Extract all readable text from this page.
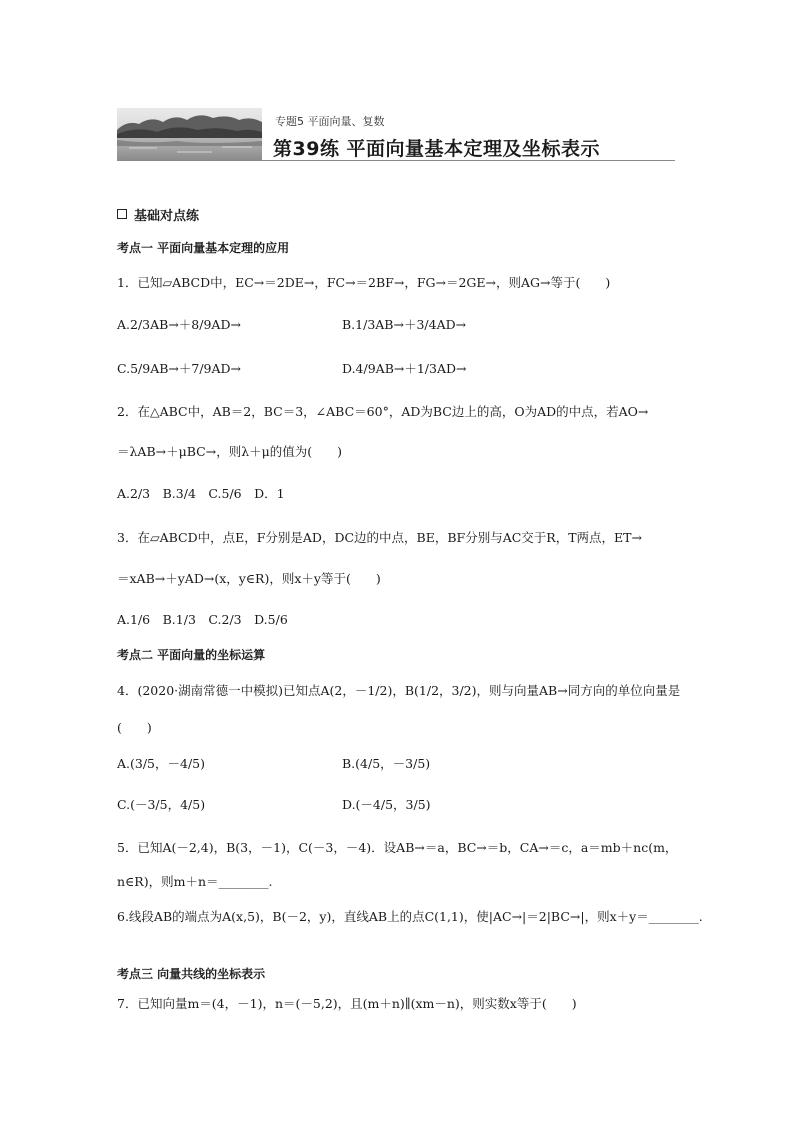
专题5 平面向量、复数
第39练 平面向量基本定理及坐标表示
基础对点练
考点一 平面向量基本定理的应用
1．已知▱ABCD中，EC→＝2DE→，FC→＝2BF→，FG→＝2GE→，则AG→等于(　　)
A.2/3AB→＋8/9AD→	B.1/3AB→＋3/4AD→
C.5/9AB→＋7/9AD→	D.4/9AB→＋1/3AD→
2．在△ABC中，AB＝2，BC＝3，∠ABC＝60°，AD为BC边上的高，O为AD的中点，若AO→
＝λAB→＋μBC→，则λ＋μ的值为(　　)
A.2/3　B.3/4　C.5/6　D．1
3．在▱ABCD中，点E，F分别是AD，DC边的中点，BE，BF分别与AC交于R，T两点，ET→
＝xAB→＋yAD→(x，y∈R)，则x＋y等于(　　)
A.1/6　B.1/3　C.2/3　D.5/6
考点二 平面向量的坐标运算
4．(2020·湖南常德一中模拟)已知点A(2，－1/2)，B(1/2，3/2)，则与向量AB→同方向的单位向量是
(　　)
A.(3/5，－4/5)	B.(4/5，－3/5)
C.(－3/5，4/5)	D.(－4/5，3/5)
5．已知A(－2,4)，B(3，－1)，C(－3，－4)．设AB→＝a，BC→＝b，CA→＝c，a＝mb＋nc(m，
n∈R)，则m＋n＝________.
6.线段AB的端点为A(x,5)，B(－2，y)，直线AB上的点C(1,1)，使|AC→|＝2|BC→|，则x＋y＝________.
考点三 向量共线的坐标表示
7．已知向量m＝(4，－1)，n＝(－5,2)，且(m＋n)∥(xm－n)，则实数x等于(　　)
